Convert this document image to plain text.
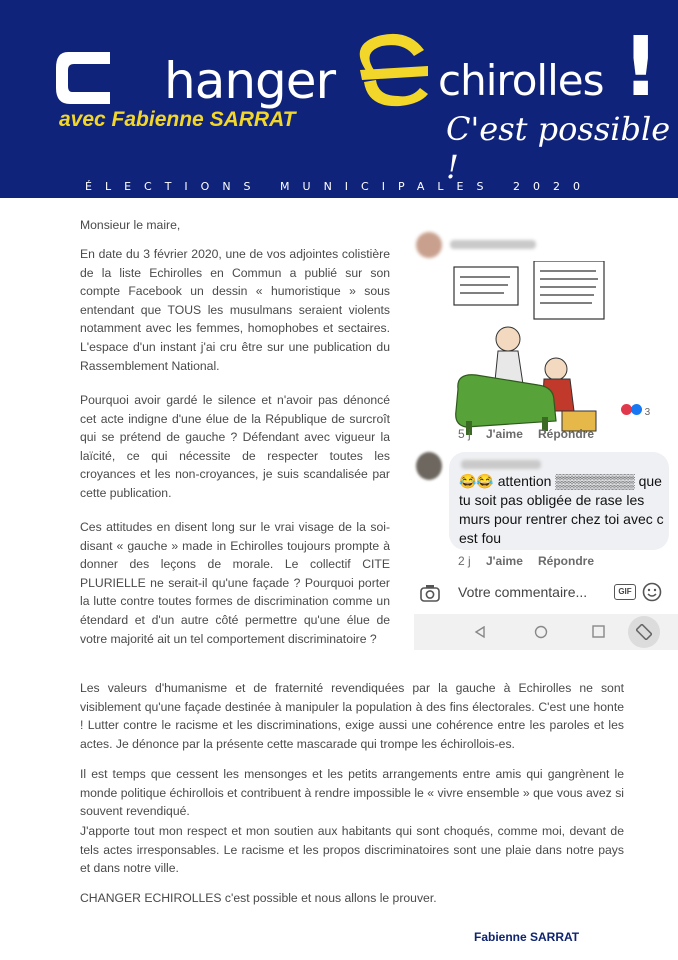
hanger chirolles !
avec Fabienne SARRAT	C'est possible !
ÉLECTIONS MUNICIPALES 2020
Monsieur le maire,
En date du 3 février 2020, une de vos adjointes colistière de la liste Echirolles en Commun a publié sur son compte Facebook un dessin « humoristique » sous entendant que TOUS les musulmans seraient violents notamment avec les femmes, homophobes et sectaires. L'espace d'un instant j'ai cru être sur une publication du Rassemblement National.
Pourquoi avoir gardé le silence et n'avoir pas dénoncé cet acte indigne d'une élue de la République de surcroît qui se prétend de gauche ? Défendant avec vigueur la laïcité, ce qui nécessite de respecter toutes les croyances et les non-croyances, je suis scandalisée par cette publication.
Ces attitudes en disent long sur le vrai visage de la soi-disant « gauche » made in Echirolles toujours prompte à donner des leçons de morale. Le collectif CITE PLURIELLE ne serait-il qu'une façade ? Pourquoi porter la lutte contre toutes formes de discrimination comme un étendard et d'un autre côté permettre qu'une élue de votre majorité ait un tel comportement discriminatoire ?
Les valeurs d'humanisme et de fraternité revendiquées par la gauche à Echirolles ne sont visiblement qu'une façade destinée à manipuler la population à des fins électorales. C'est une honte ! Lutter contre le racisme et les discriminations, exige aussi une cohérence entre les paroles et les actes. Je dénonce par la présente cette mascarade qui trompe les échirollois-es.
Il est temps que cessent les mensonges et les petits arrangements entre amis qui gangrènent le monde politique échirollois et contribuent à rendre impossible le « vivre ensemble » que vous avez si souvent revendiqué.
J'apporte tout mon respect et mon soutien aux habitants qui sont choqués, comme moi, devant de tels actes irresponsables. Le racisme et les propos discriminatoires sont une plaie dans notre pays et dans notre ville.
CHANGER ECHIROLLES c'est possible et nous allons le prouver.
Fabienne SARRAT
3
5 j J'aime Répondre
😂😂 attention ▒▒▒▒▒▒▒▒ que tu soit pas obligée de rase les murs pour rentrer chez toi avec c est fou
2 j J'aime Répondre
Votre commentaire...	GIF
